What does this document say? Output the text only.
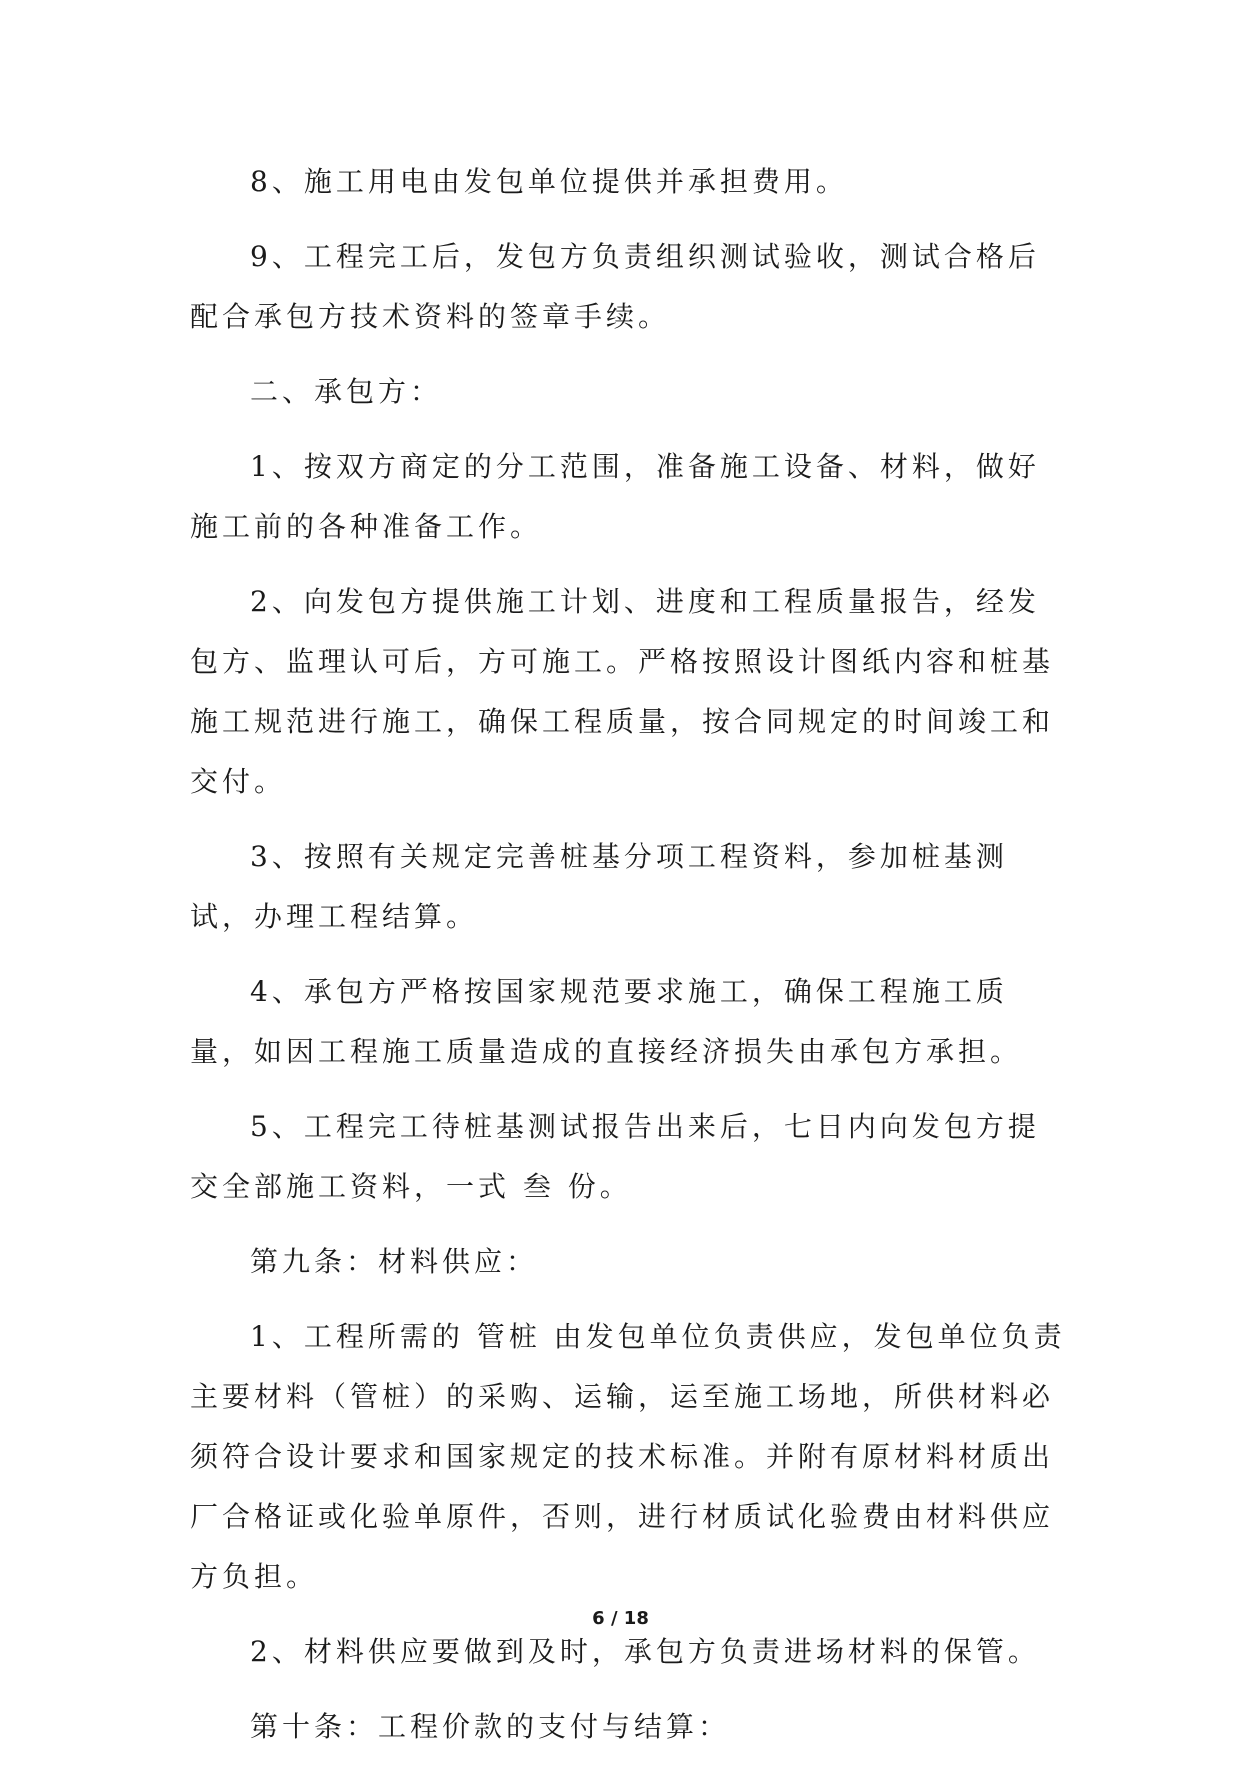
8、施工用电由发包单位提供并承担费用。

9、工程完工后，发包方负责组织测试验收，测试合格后配合承包方技术资料的签章手续。

二、承包方：

1、按双方商定的分工范围，准备施工设备、材料，做好施工前的各种准备工作。

2、向发包方提供施工计划、进度和工程质量报告，经发包方、监理认可后，方可施工。严格按照设计图纸内容和桩基施工规范进行施工，确保工程质量，按合同规定的时间竣工和交付。

3、按照有关规定完善桩基分项工程资料，参加桩基测试，办理工程结算。

4、承包方严格按国家规范要求施工，确保工程施工质量，如因工程施工质量造成的直接经济损失由承包方承担。

5、工程完工待桩基测试报告出来后，七日内向发包方提交全部施工资料，一式 叁 份。

第九条：材料供应：

1、工程所需的 管桩 由发包单位负责供应，发包单位负责主要材料（管桩）的采购、运输，运至施工场地，所供材料必须符合设计要求和国家规定的技术标准。并附有原材料材质出厂合格证或化验单原件，否则，进行材质试化验费由材料供应方负担。

2、材料供应要做到及时，承包方负责进场材料的保管。

第十条：工程价款的支付与结算：

6 / 18
